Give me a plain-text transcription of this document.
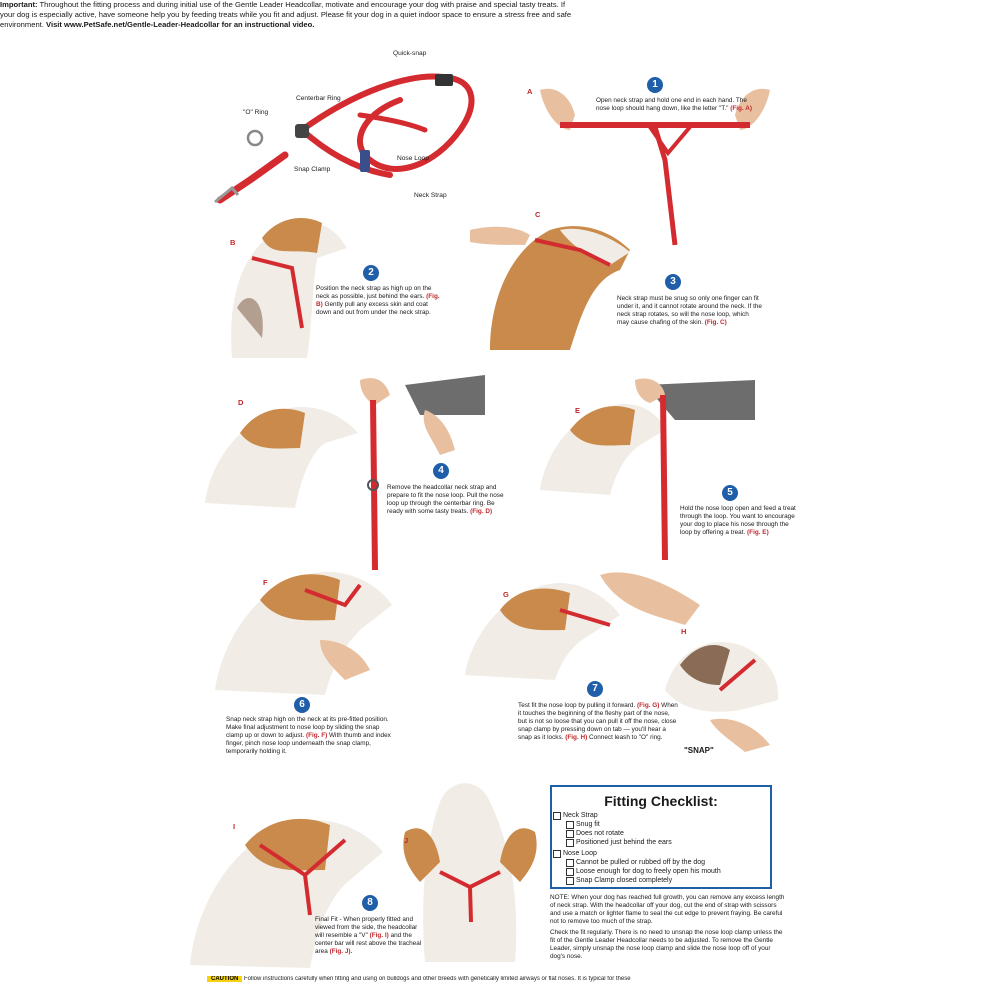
Important: Throughout the fitting process and during initial use of the Gentle Leader Headcollar, motivate and encourage your dog with praise and special tasty treats. If your dog is especially active, have someone help you by feeding treats while you fit and adjust. Please fit your dog in a quiet indoor space to ensure a stress free and safe environment. Visit www.PetSafe.net/Gentle-Leader-Headcollar for an instructional video.
Quick-snap
Centerbar Ring
"O" Ring
Snap Clamp
Nose Loop
Neck Strap
"SNAP"
A
B
C
D
E
F
G
H
I
J
1
2
3
4
5
6
7
8
Open neck strap and hold one end in each hand. The nose loop should hang down, like the letter "T." (Fig. A)
Position the neck strap as high up on the neck as possible, just behind the ears. (Fig. B) Gently pull any excess skin and coat down and out from under the neck strap.
Neck strap must be snug so only one finger can fit under it, and it cannot rotate around the neck. If the neck strap rotates, so will the nose loop, which may cause chafing of the skin. (Fig. C)
Remove the headcollar neck strap and prepare to fit the nose loop. Pull the nose loop up through the centerbar ring. Be ready with some tasty treats. (Fig. D)	Hold the nose loop open and feed a treat through the loop. You want to encourage your dog to place his nose through the loop by offering a treat. (Fig. E)
Snap neck strap high on the neck at its pre-fitted position. Make final adjustment to nose loop by sliding the snap clamp up or down to adjust. (Fig. F) With thumb and index finger, pinch nose loop underneath the snap clamp, temporarily holding it.
Test fit the nose loop by pulling it forward. (Fig. G) When it touches the beginning of the fleshy part of the nose, but is not so loose that you can pull it off the nose, close snap clamp by pressing down on tab — you'll hear a snap as it locks. (Fig. H) Connect leash to "O" ring.
Final Fit - When properly fitted and viewed from the side, the headcollar will resemble a "V" (Fig. I) and the center bar will rest above the tracheal area (Fig. J).
Fitting Checklist:
Neck Strap
Snug fit
Does not rotate
Positioned just behind the ears
Nose Loop
Cannot be pulled or rubbed off by the dog
Loose enough for dog to freely open his mouth
Snap Clamp closed completely
NOTE: When your dog has reached full growth, you can remove any excess length of neck strap. With the headcollar off your dog, cut the end of strap with scissors and use a match or lighter flame to seal the cut edge to prevent fraying. Be careful not to remove too much of the strap.
Check the fit regularly. There is no need to unsnap the nose loop clamp unless the fit of the Gentle Leader Headcollar needs to be adjusted. To remove the Gentle Leader, simply unsnap the nose loop clamp and slide the nose loop off of your dog's nose.
CAUTION Follow instructions carefully when fitting and using on bulldogs and other breeds with genetically limited airways or flat noses. It is typical for these
